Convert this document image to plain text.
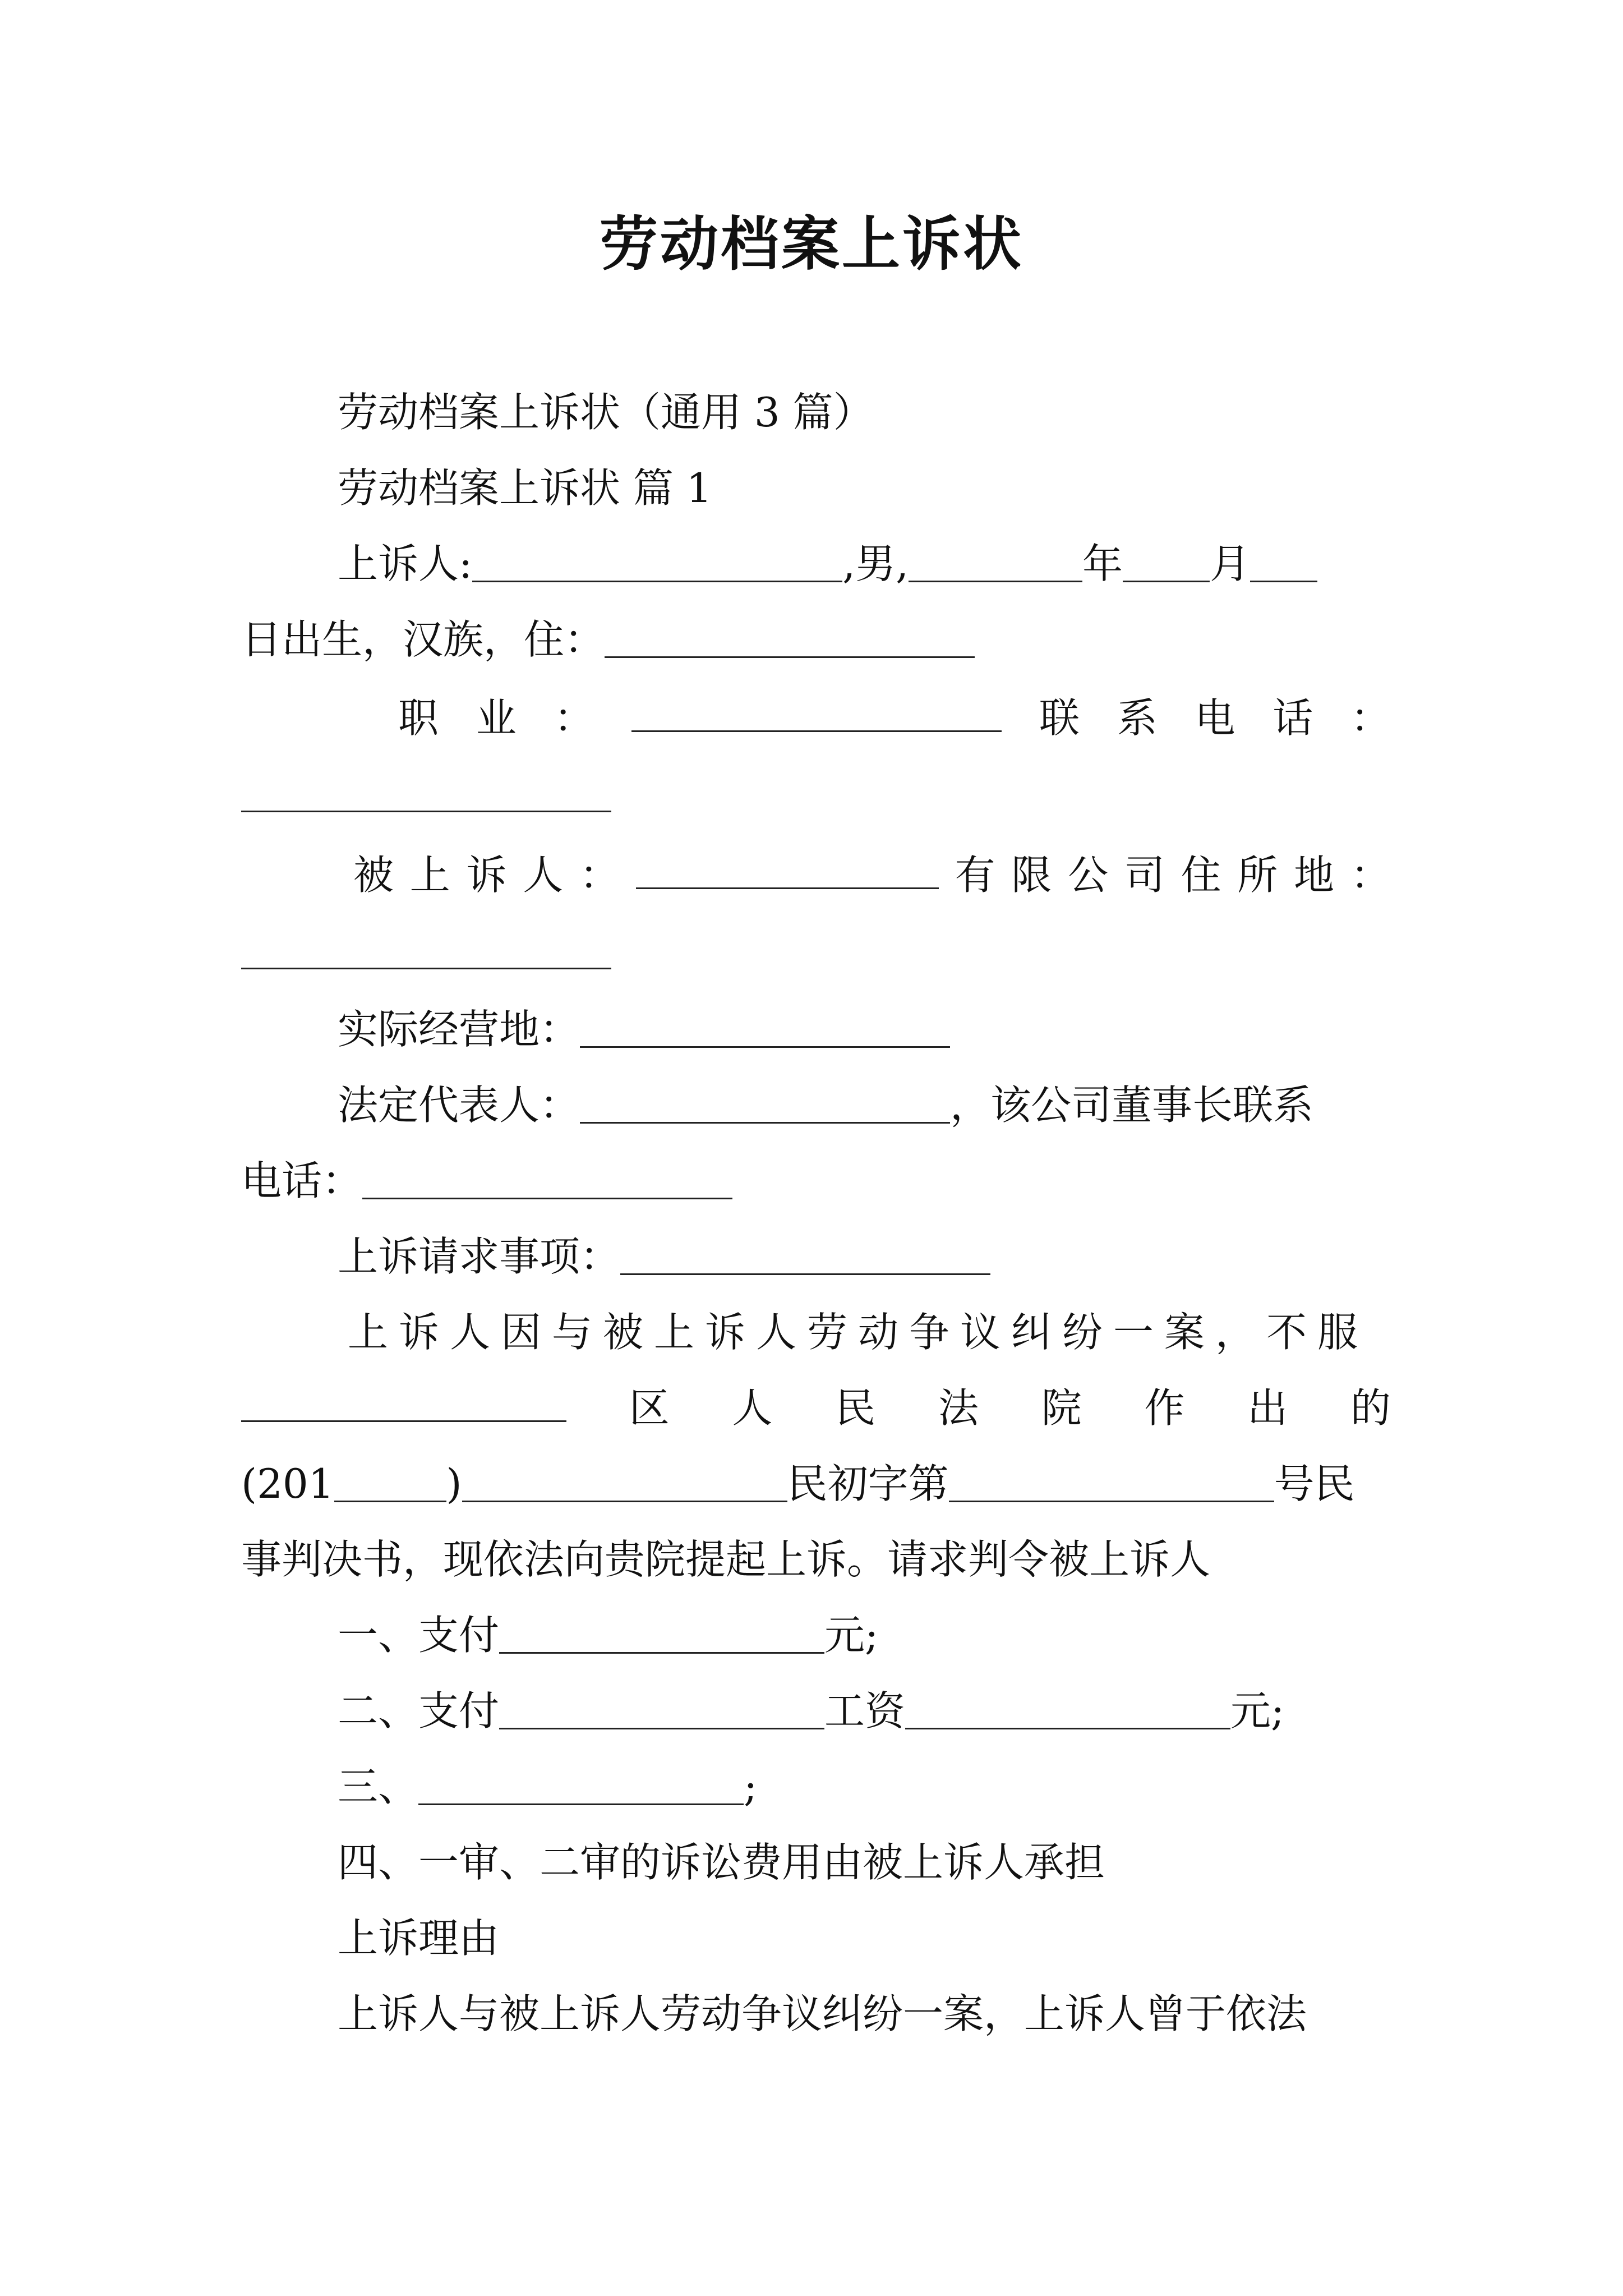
劳动档案上诉状
劳动档案上诉状（通用 3 篇）
劳动档案上诉状 篇 1
上诉人:	,男,	年 月
日出生，汉族，住：
职 业 ：	联 系 电 话 ：
被 上 诉 人 ：	有 限 公 司 住 所 地 ：
实际经营地：
法定代表人：	，该公司董事长联系
电话：
上诉请求事项：
上诉人因与被上诉人劳动争议纠纷一案，不服
区 人 民 法 院 作 出 的
(201	)	民初字第	号民
事判决书，现依法向贵院提起上诉。请求判令被上诉人
一、支付	元;
二、支付	工资	元;
三、	;
四、一审、二审的诉讼费用由被上诉人承担
上诉理由
上诉人与被上诉人劳动争议纠纷一案，上诉人曾于依法
